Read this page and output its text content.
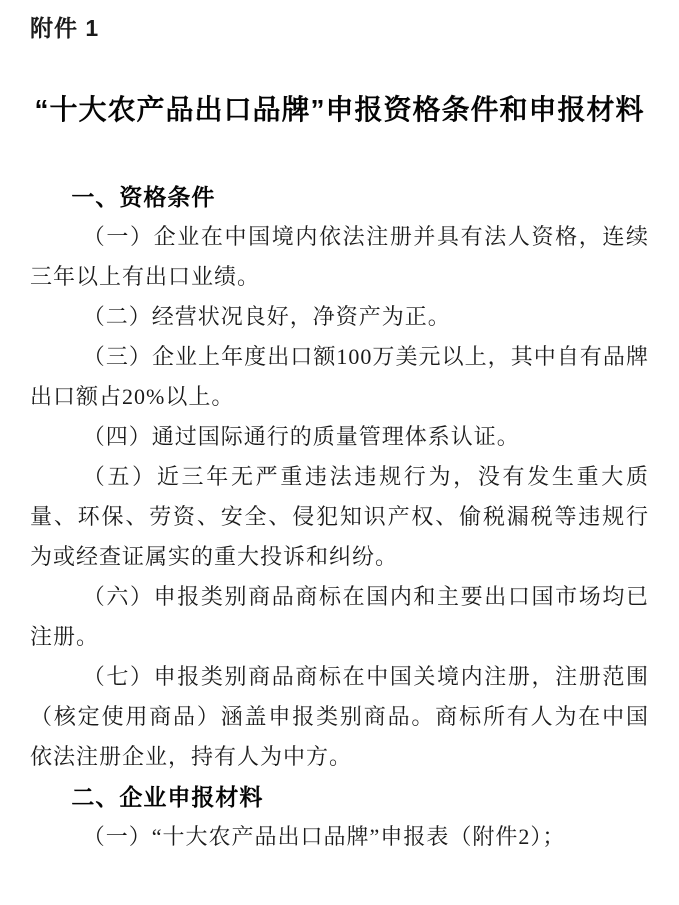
附件 1
“十大农产品出口品牌”申报资格条件和申报材料
一、资格条件

（一）企业在中国境内依法注册并具有法人资格，连续三年以上有出口业绩。

（二）经营状况良好，净资产为正。

（三）企业上年度出口额100万美元以上，其中自有品牌出口额占20%以上。

（四）通过国际通行的质量管理体系认证。

（五）近三年无严重违法违规行为，没有发生重大质量、环保、劳资、安全、侵犯知识产权、偷税漏税等违规行为或经查证属实的重大投诉和纠纷。

（六）申报类别商品商标在国内和主要出口国市场均已注册。

（七）申报类别商品商标在中国关境内注册，注册范围（核定使用商品）涵盖申报类别商品。商标所有人为在中国依法注册企业，持有人为中方。

二、企业申报材料

（一）“十大农产品出口品牌”申报表（附件2）；
